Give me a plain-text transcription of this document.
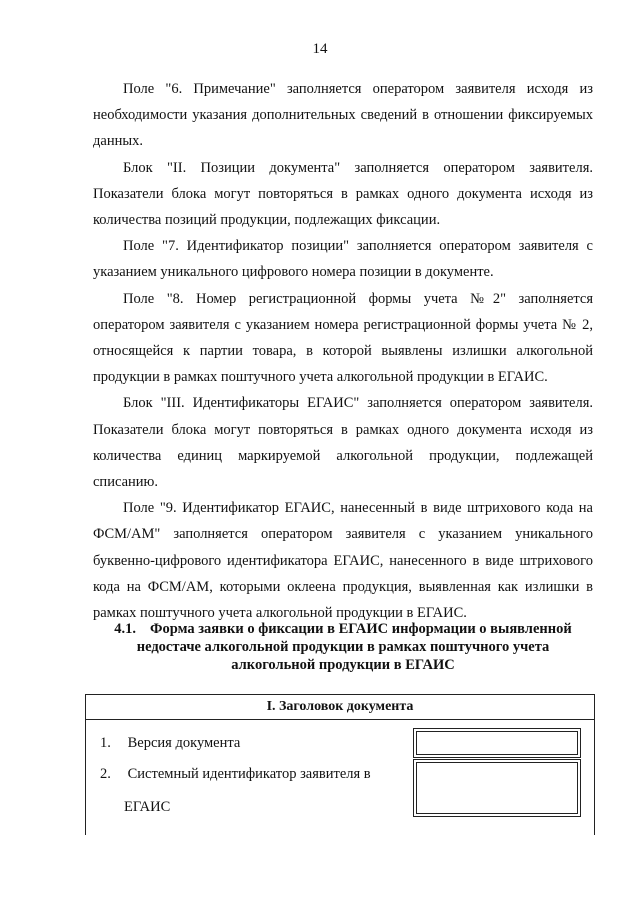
14

Поле "6. Примечание" заполняется оператором заявителя исходя из необходимости указания дополнительных сведений в отношении фиксируемых данных.

Блок "II. Позиции документа" заполняется оператором заявителя. Показатели блока могут повторяться в рамках одного документа исходя из количества позиций продукции, подлежащих фиксации.

Поле "7. Идентификатор позиции" заполняется оператором заявителя с указанием уникального цифрового номера позиции в документе.

Поле "8. Номер регистрационной формы учета №2" заполняется оператором заявителя с указанием номера регистрационной формы учета № 2, относящейся к партии товара, в которой выявлены излишки алкогольной продукции в рамках поштучного учета алкогольной продукции в ЕГАИС.

Блок "III. Идентификаторы ЕГАИС" заполняется оператором заявителя. Показатели блока могут повторяться в рамках одного документа исходя из количества единиц маркируемой алкогольной продукции, подлежащей списанию.

Поле "9. Идентификатор ЕГАИС, нанесенный в виде штрихового кода на ФСМ/АМ" заполняется оператором заявителя с указанием уникального буквенно-цифрового идентификатора ЕГАИС, нанесенного в виде штрихового кода на ФСМ/АМ, которыми оклеена продукция, выявленная как излишки в рамках поштучного учета алкогольной продукции в ЕГАИС.

4.1. Форма заявки о фиксации в ЕГАИС информации о выявленной недостаче алкогольной продукции в рамках поштучного учета алкогольной продукции в ЕГАИС
I. Заголовок документа
1. Версия документа
2. Системный идентификатор заявителя в
ЕГАИС
